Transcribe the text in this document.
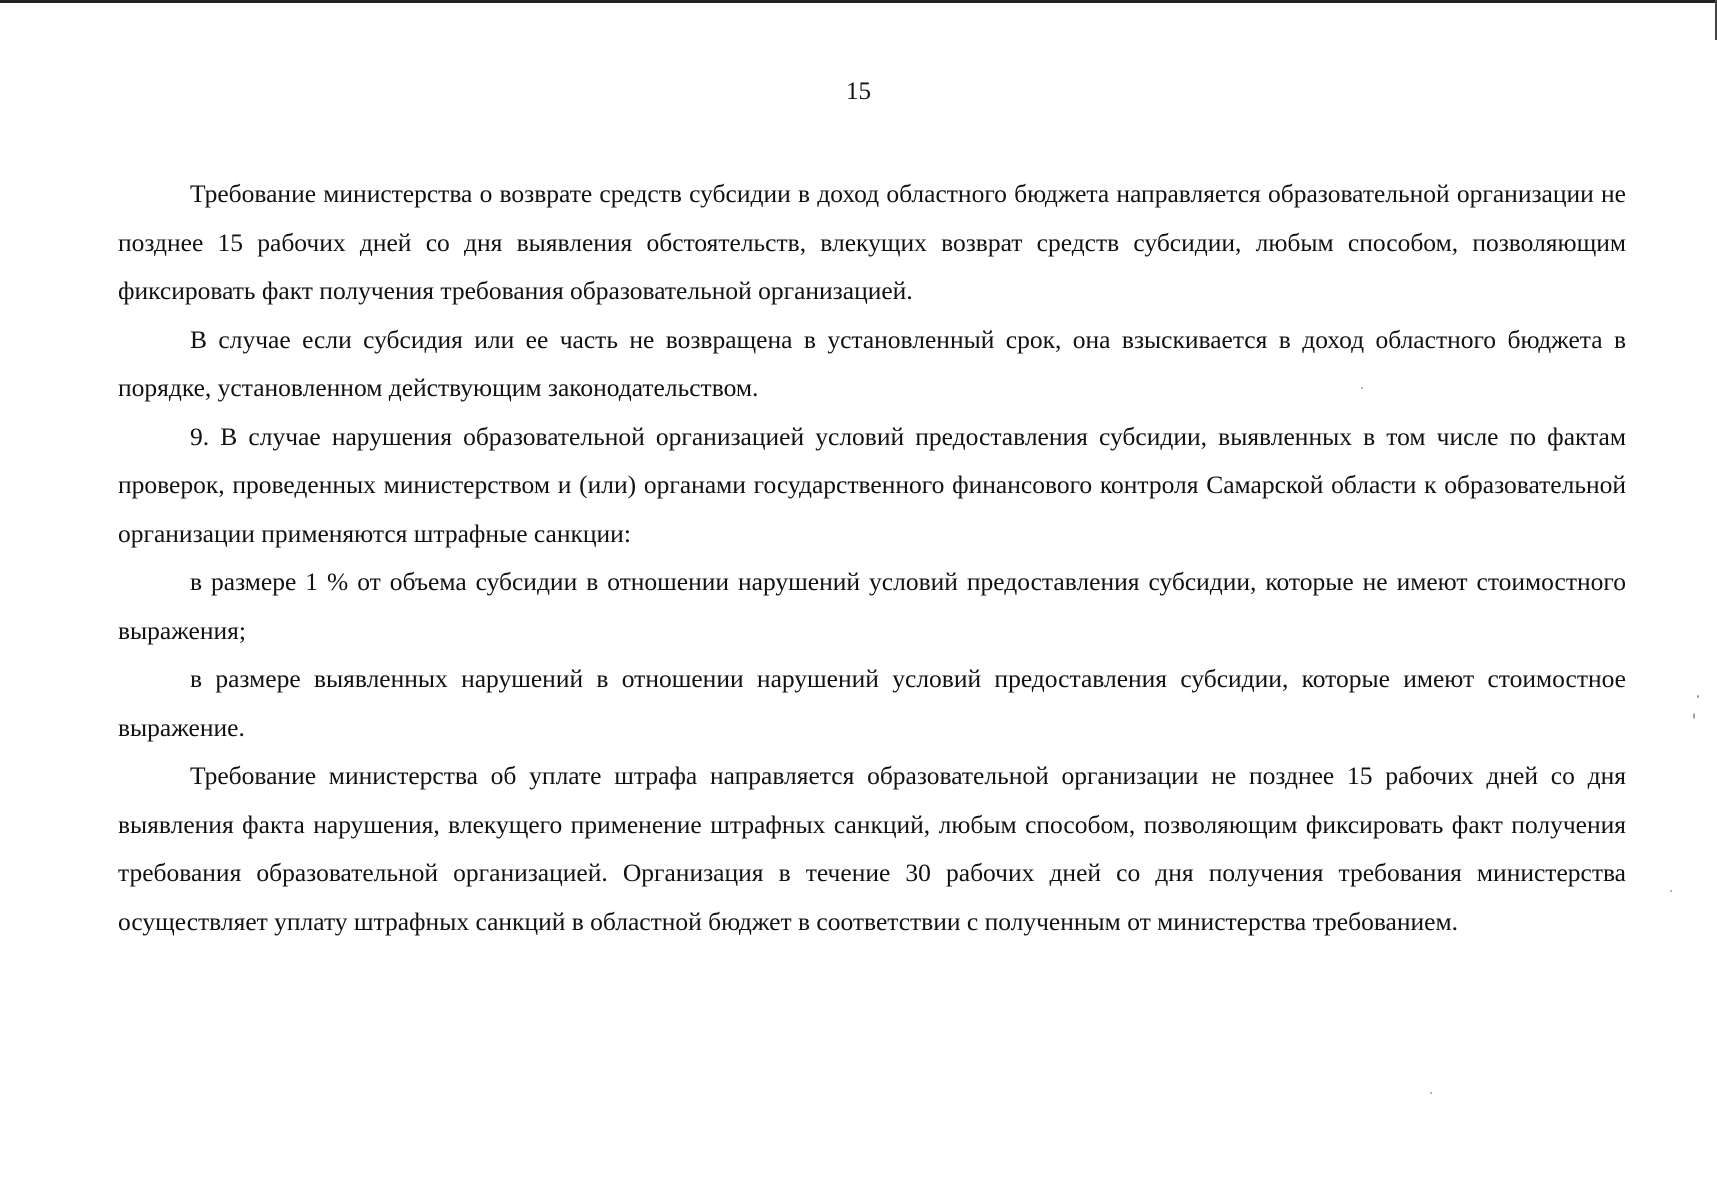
15

Требование министерства о возврате средств субсидии в доход областного бюджета направляется образовательной организации не позднее 15 рабочих дней со дня выявления обстоятельств, влекущих возврат средств субсидии, любым способом, позволяющим фиксировать факт получения требования образовательной организацией.

В случае если субсидия или ее часть не возвращена в установленный срок, она взыскивается в доход областного бюджета в порядке, установленном действующим законодательством.

9. В случае нарушения образовательной организацией условий предоставления субсидии, выявленных в том числе по фактам проверок, проведенных министерством и (или) органами государственного финансового контроля Самарской области к образовательной организации применяются штрафные санкции:

в размере 1 % от объема субсидии в отношении нарушений условий предоставления субсидии, которые не имеют стоимостного выражения;

в размере выявленных нарушений в отношении нарушений условий предоставления субсидии, которые имеют стоимостное выражение.

Требование министерства об уплате штрафа направляется образовательной организации не позднее 15 рабочих дней со дня выявления факта нарушения, влекущего применение штрафных санкций, любым способом, позволяющим фиксировать факт получения требования образовательной организацией. Организация в течение 30 рабочих дней со дня получения требования министерства осуществляет уплату штрафных санкций в областной бюджет в соответствии с полученным от министерства требованием.
